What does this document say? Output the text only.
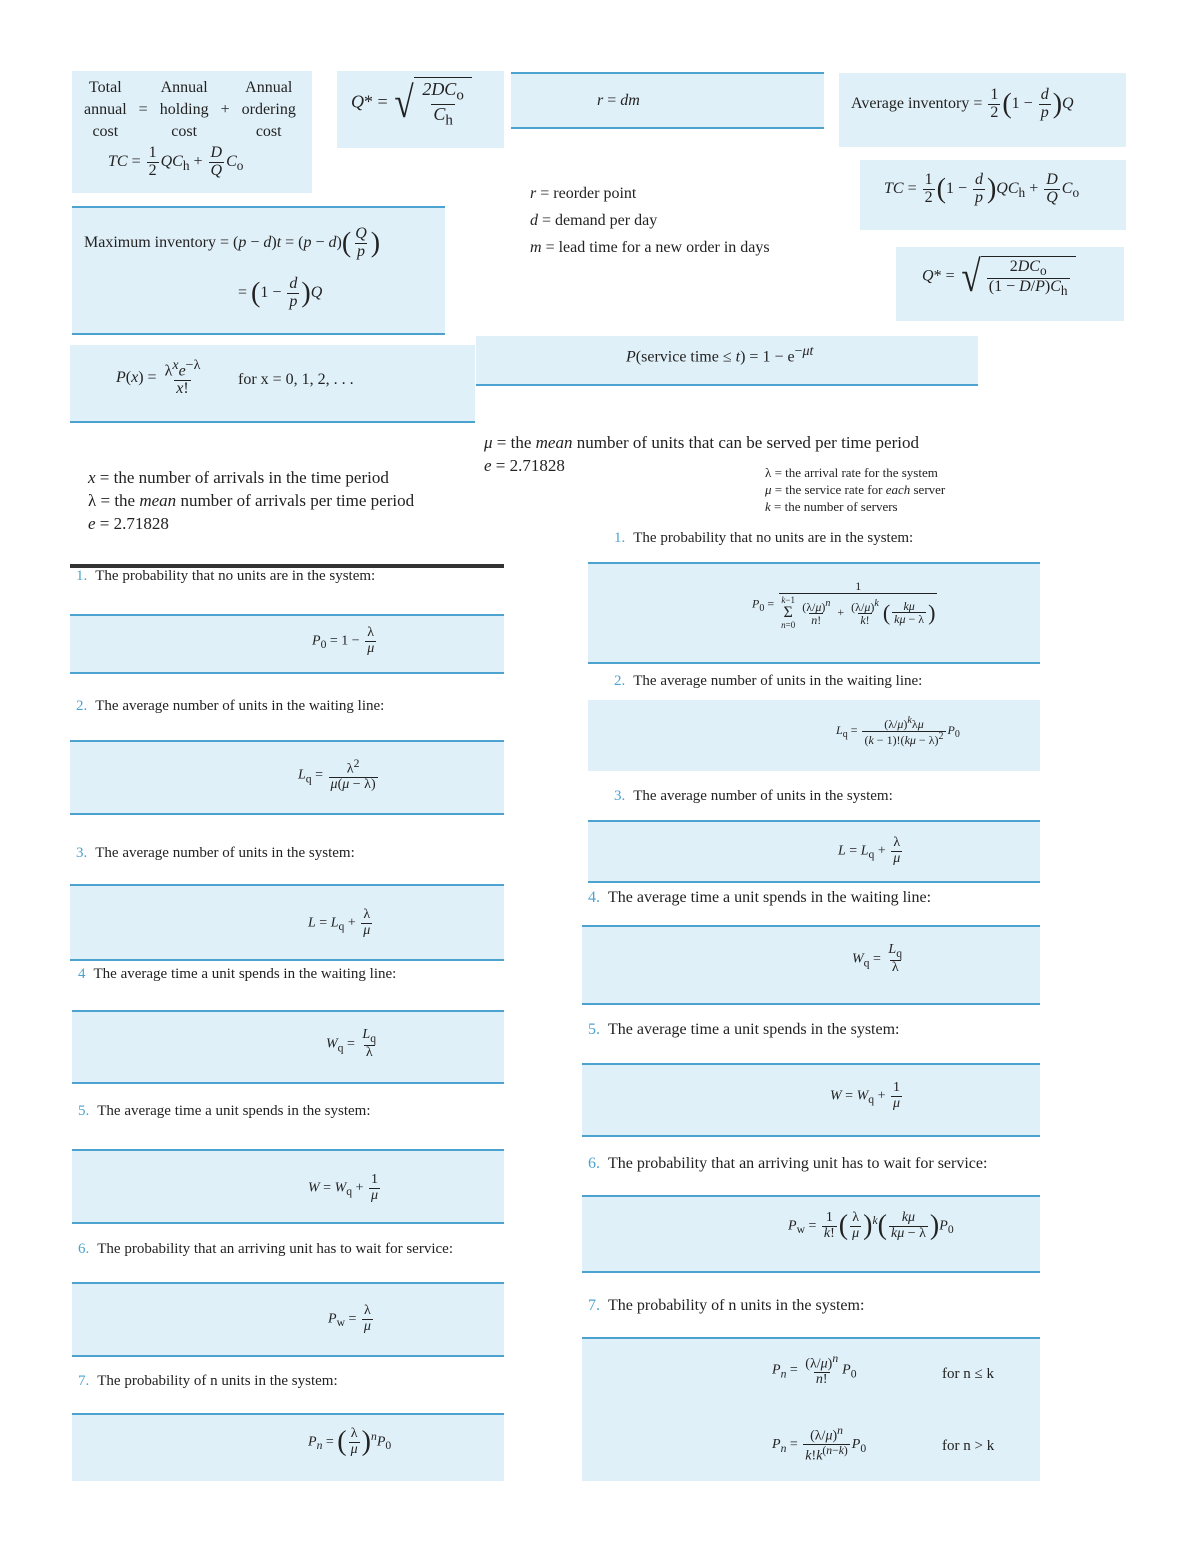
Total		Annual		Annual
annual	=	holding	+	ordering
cost		cost		cost
TC = $\frac{1}{2} QC_h + \frac{D}{Q} C_o$
Q* = √ $\frac{2DC_o}{C_h}$	r = dm	Average inventory = $\frac{1}{2} (1 - \frac{d}{p} )Q$
Maximum inventory = $(p - d)t = (p - d)( \frac{Q}{p}$ )
= $(1 - \frac{d}{p} )Q$
r = reorder point
d = demand per day
m = lead time for a new order in days
TC = $\frac{1}{2} (1 - \frac{d}{p} )QC_h + \frac{D}{Q} C_o$
Q* = √ $\frac{2DC_o}{(1 - D/P)C_h}$
$P(x) = \frac{\lambda^xe^{-\lambda}}{x!}$ for x = 0, 1, 2, . . .
P(service time ≤ $t) = 1 - e^{-\mu t}$
μ = the mean number of units that can be served per time period
e = 2.71828
x = the number of arrivals in the time period
λ = the mean number of arrivals per time period
e = 2.71828
λ = the arrival rate for the system
μ = the service rate for each server
k = the number of servers
1. The probability that no units are in the system:
$P_0 = 1 - \frac{\lambda}{\mu}$
2. The average number of units in the waiting line:
$L_q = \frac{\lambda^2}{\mu(\mu - \lambda)}$
3. The average number of units in the system:
$L = L_q + \frac{\lambda}{\mu}$
4 The average time a unit spends in the waiting line:
$W_q = \frac{L_q}{\lambda}$
5. The average time a unit spends in the system:
$W = W_q + \frac{1}{\mu}$
6. The probability that an arriving unit has to wait for service:
$P_w = \frac{\lambda}{\mu}$
7. The probability of n units in the system:
$P_n$ = ( $\frac{\lambda}{\mu} )^nP_0$
1. The probability that no units are in the system:
$P_0 = 1$
k−1
Σ
n=0
$\frac{(\lambda/\mu)^n}{n!} + \frac{(\lambda/\mu)^k}{k!}$ ( $\frac{k\mu}{k\mu - \lambda}$ )
2. The average number of units in the waiting line:
$L_q = \frac{(\lambda/\mu)^k\lambda\mu}{(k - 1)!(k\mu - \lambda)^2} P_0$
3. The average number of units in the system:
$L = L_q + \frac{\lambda}{\mu}$
4. The average time a unit spends in the waiting line:
$W_q = \frac{L_q}{\lambda}$
5. The average time a unit spends in the system:
$W = W_q + \frac{1}{\mu}$
6. The probability that an arriving unit has to wait for service:
$P_w = \frac{1}{k!}$ ( $\frac{\lambda}{\mu} )^k( \frac{k\mu}{k\mu - \lambda} )P_0$
7. The probability of n units in the system:
$P_n = \frac{(\lambda/\mu)^n}{n!} P_0$	for n ≤ k
$P_n = \frac{(\lambda/\mu)^n}{k!k^{(n-k)}} P_0$	for n > k
